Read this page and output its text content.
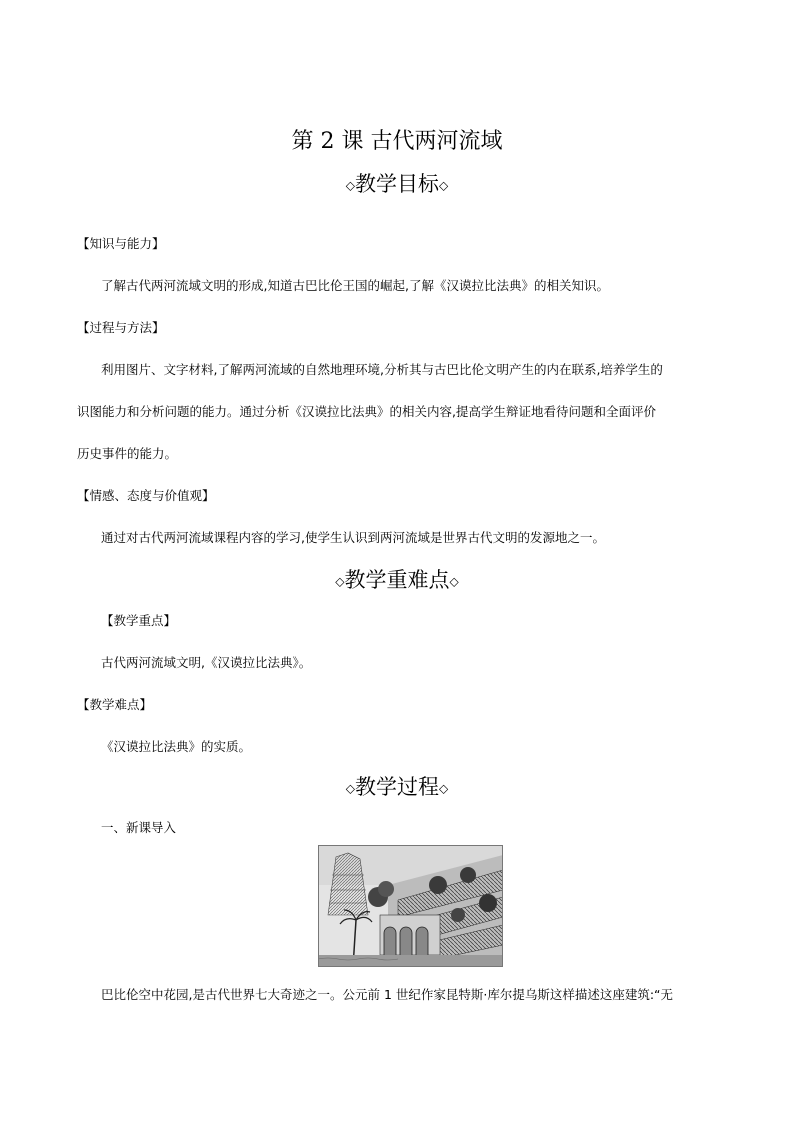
第 2 课 古代两河流域
◇教学目标◇
【知识与能力】
了解古代两河流域文明的形成,知道古巴比伦王国的崛起,了解《汉谟拉比法典》的相关知识。
【过程与方法】
利用图片、文字材料,了解两河流域的自然地理环境,分析其与古巴比伦文明产生的内在联系,培养学生的
识图能力和分析问题的能力。通过分析《汉谟拉比法典》的相关内容,提高学生辩证地看待问题和全面评价
历史事件的能力。
【情感、态度与价值观】
通过对古代两河流域课程内容的学习,使学生认识到两河流域是世界古代文明的发源地之一。
◇教学重难点◇
【教学重点】
古代两河流域文明,《汉谟拉比法典》。
【教学难点】
《汉谟拉比法典》的实质。
◇教学过程◇
一、新课导入
巴比伦空中花园,是古代世界七大奇迹之一。公元前 1 世纪作家昆特斯·库尔提乌斯这样描述这座建筑:“无
